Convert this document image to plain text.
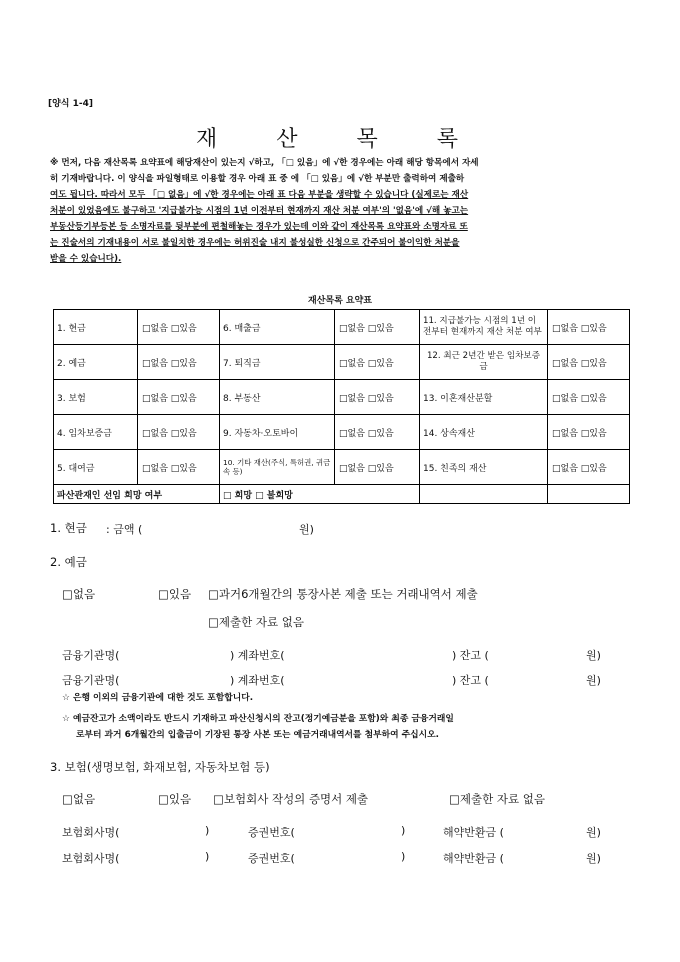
[양식 1-4]
재 산 목 록
※ 먼저, 다음 재산목록 요약표에 해당재산이 있는지 √하고, 「□ 있음」에 √한 경우에는 아래 해당 항목에서 자세
히 기재바랍니다. 이 양식을 파일형태로 이용할 경우 아래 표 중 에 「□ 있음」에 √한 부분만 출력하여 제출하
여도 됩니다. 따라서 모두 「□ 없음」에 √한 경우에는 아래 표 다음 부분을 생략할 수 있습니다 (실제로는 재산
처분이 있었음에도 불구하고 '지급불가능 시점의 1년 이전부터 현재까지 재산 처분 여부'의 '없음'에 √해 놓고는
부동산등기부등본 등 소명자료를 뒷부분에 편철해놓는 경우가 있는데 이와 같이 재산목록 요약표와 소명자료 또
는 진술서의 기재내용이 서로 불일치한 경우에는 허위진술 내지 불성실한 신청으로 간주되어 불이익한 처분을
받을 수 있습니다).
재산목록 요약표
1. 현금	□없음 □있음	6. 매출금	□없음 □있음	11. 지급불가능 시점의 1년 이전부터 현재까지 재산 처분 여부	□없음 □있음
2. 예금	□없음 □있음	7. 퇴직금	□없음 □있음	12. 최근 2년간 받은 임차보증금	□없음 □있음
3. 보험	□없음 □있음	8. 부동산	□없음 □있음	13. 이혼재산분할	□없음 □있음
4. 임차보증금	□없음 □있음	9. 자동차·오토바이	□없음 □있음	14. 상속재산	□없음 □있음
5. 대여금	□없음 □있음	10. 기타 재산(주식, 특허권, 귀금속 등)	□없음 □있음	15. 친족의 재산	□없음 □있음
파산관재인 선임 희망 여부		□ 희망 □ 불희망			
1. 현금 : 금액 (	원)
2. 예금
□없음	□있음 □과거6개월간의 통장사본 제출 또는 거래내역서 제출
□제출한 자료 없음
금융기관명(	) 계좌번호(	) 잔고 (	원)
금융기관명(	) 계좌번호(	) 잔고 (	원)
☆ 은행 이외의 금융기관에 대한 것도 포함합니다.
☆ 예금잔고가 소액이라도 반드시 기재하고 파산신청시의 잔고(정기예금분을 포함)와 최종 금융거래일
로부터 과거 6개월간의 입출금이 기장된 통장 사본 또는 예금거래내역서를 첨부하여 주십시오.
3. 보험(생명보험, 화재보험, 자동차보험 등)
□없음	□있음 □보험회사 작성의 증명서 제출	□제출한 자료 없음
보험회사명(	)	증권번호(	)	해약반환금 (	원)
보험회사명(	)	증권번호(	)	해약반환금 (	원)
